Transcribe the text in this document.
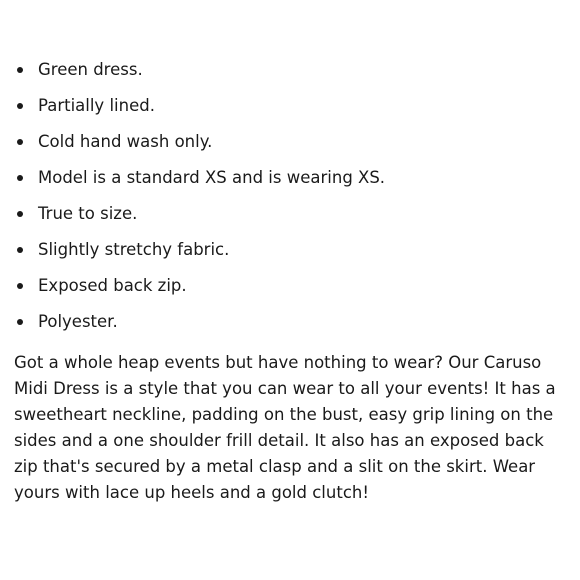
Green dress.
Partially lined.
Cold hand wash only.
Model is a standard XS and is wearing XS.
True to size.
Slightly stretchy fabric.
Exposed back zip.
Polyester.

Got a whole heap events but have nothing to wear? Our Caruso Midi Dress is a style that you can wear to all your events! It has a sweetheart neckline, padding on the bust, easy grip lining on the sides and a one shoulder frill detail. It also has an exposed back zip that's secured by a metal clasp and a slit on the skirt. Wear yours with lace up heels and a gold clutch!
